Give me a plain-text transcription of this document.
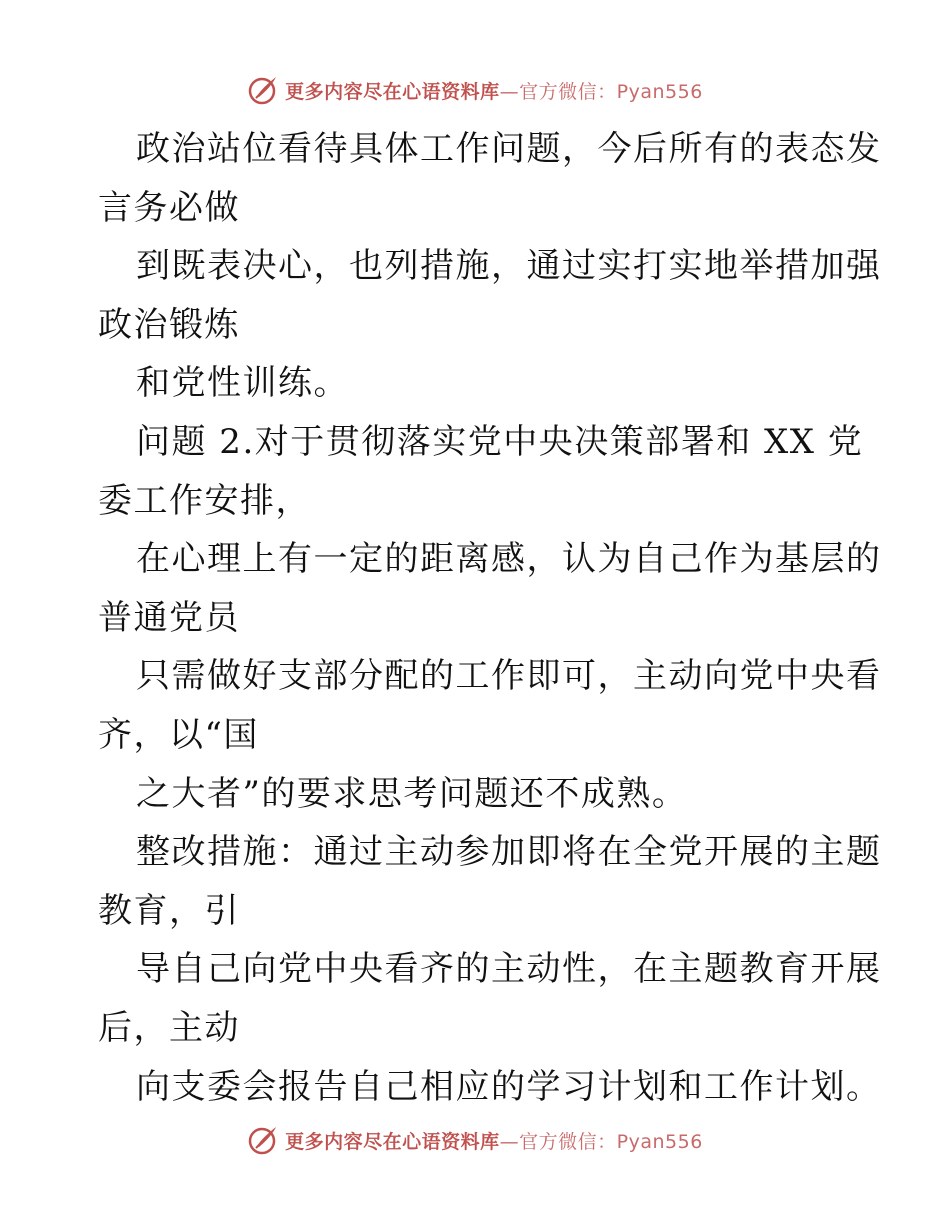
更多内容尽在心语资料库—官方微信：Pyan556
政治站位看待具体工作问题，今后所有的表态发
言务必做
到既表决心，也列措施，通过实打实地举措加强
政治锻炼
和党性训练。
问题 2.对于贯彻落实党中央决策部署和 XX 党
委工作安排，
在心理上有一定的距离感，认为自己作为基层的
普通党员
只需做好支部分配的工作即可，主动向党中央看
齐，以“国
之大者”的要求思考问题还不成熟。
整改措施：通过主动参加即将在全党开展的主题
教育，引
导自己向党中央看齐的主动性，在主题教育开展
后，主动
向支委会报告自己相应的学习计划和工作计划。
更多内容尽在心语资料库—官方微信：Pyan556
